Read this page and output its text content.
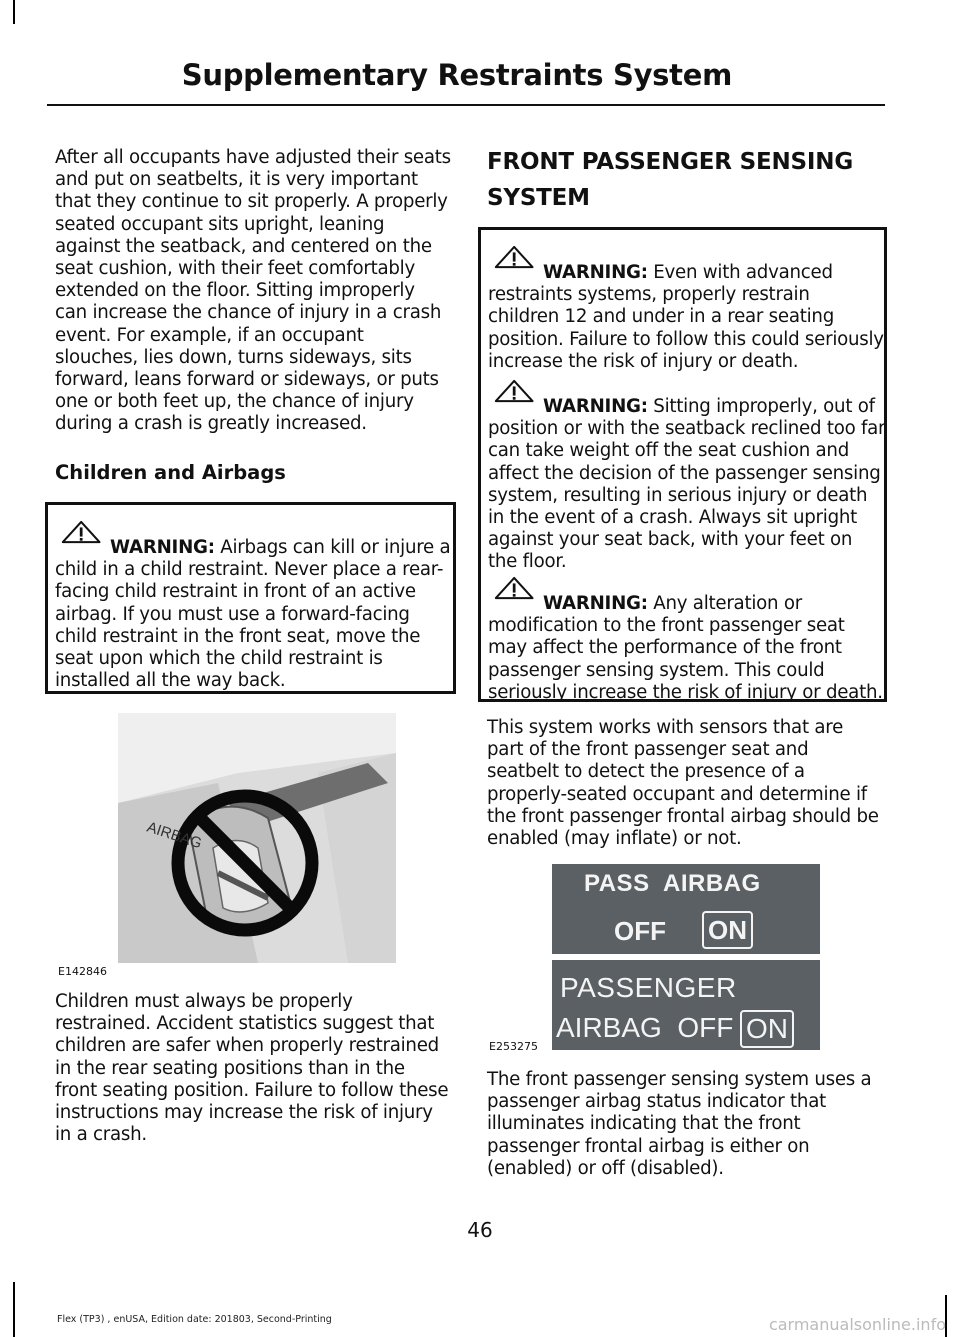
Supplementary Restraints System

After all occupants have adjusted their seats and put on seatbelts, it is very important that they continue to sit properly. A properly seated occupant sits upright, leaning against the seatback, and centered on the seat cushion, with their feet comfortably extended on the floor. Sitting improperly can increase the chance of injury in a crash event. For example, if an occupant slouches, lies down, turns sideways, sits forward, leans forward or sideways, or puts one or both feet up, the chance of injury during a crash is greatly increased.

Children and Airbags
WARNING: Airbags can kill or injure a child in a child restraint. Never place a rear-facing child restraint in front of an active airbag. If you must use a forward-facing child restraint in the front seat, move the seat upon which the child restraint is installed all the way back.
AIRBAG
E142846

Children must always be properly restrained. Accident statistics suggest that children are safer when properly restrained in the rear seating positions than in the front seating position. Failure to follow these instructions may increase the risk of injury in a crash.

FRONT PASSENGER SENSING SYSTEM
WARNING: Even with advanced restraints systems, properly restrain children 12 and under in a rear seating position. Failure to follow this could seriously increase the risk of injury or death.
WARNING: Sitting improperly, out of position or with the seatback reclined too far can take weight off the seat cushion and affect the decision of the passenger sensing system, resulting in serious injury or death in the event of a crash. Always sit upright against your seat back, with your feet on the floor.
WARNING: Any alteration or modification to the front passenger seat may affect the performance of the front passenger sensing system. This could seriously increase the risk of injury or death.

This system works with sensors that are part of the front passenger seat and seatbelt to detect the presence of a properly-seated occupant and determine if the front passenger frontal airbag should be enabled (may inflate) or not.

PASS  AIRBAG
OFF ON
PASSENGER
AIRBAG  OFF ON
E253275

The front passenger sensing system uses a passenger airbag status indicator that illuminates indicating that the front passenger frontal airbag is either on (enabled) or off (disabled).

46
Flex (TP3) , enUSA, Edition date: 201803, Second-Printing	carmanualsonline.info
